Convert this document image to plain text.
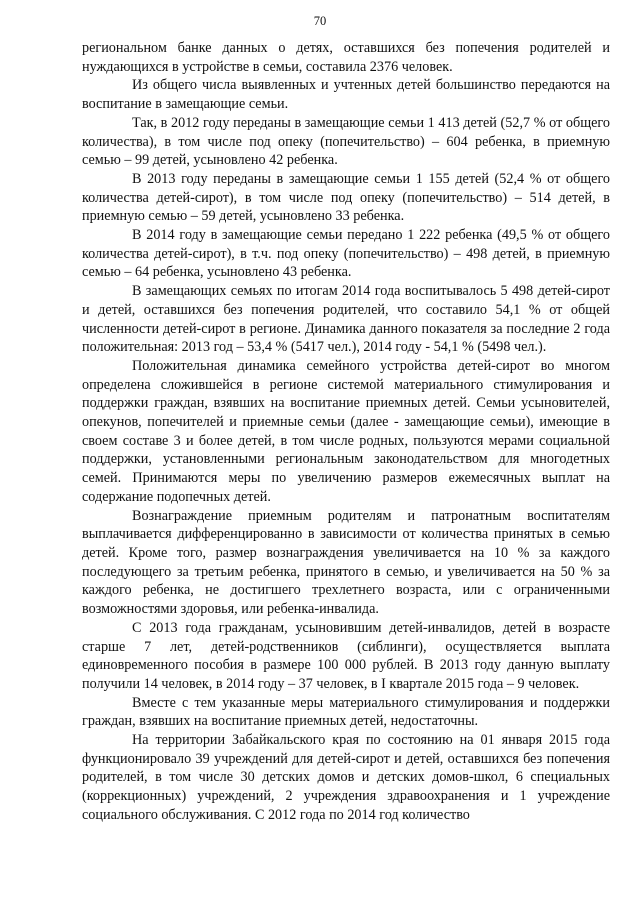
70

региональном банке данных о детях, оставшихся без попечения родителей и нуждающихся в устройстве в семьи, составила 2376 человек.

Из общего числа выявленных и учтенных детей большинство передаются на воспитание в замещающие семьи.

Так, в 2012 году переданы в замещающие семьи 1 413 детей (52,7 % от общего количества), в том числе под опеку (попечительство) – 604 ребенка, в приемную семью – 99 детей, усыновлено 42 ребенка.

В 2013 году переданы в замещающие семьи 1 155 детей (52,4 % от общего количества детей-сирот), в том числе под опеку (попечительство) – 514 детей, в приемную семью – 59 детей, усыновлено 33 ребенка.

В 2014 году в замещающие семьи передано 1 222 ребенка (49,5 % от общего количества детей-сирот), в т.ч. под опеку (попечительство) – 498 детей, в приемную семью – 64 ребенка, усыновлено 43 ребенка.

В замещающих семьях по итогам 2014 года воспитывалось 5 498 детей-сирот и детей, оставшихся без попечения родителей, что составило 54,1 % от общей численности детей-сирот в регионе. Динамика данного показателя за последние 2 года положительная: 2013 год – 53,4 % (5417 чел.), 2014 году - 54,1 % (5498 чел.).

Положительная динамика семейного устройства детей-сирот во многом определена сложившейся в регионе системой материального стимулирования и поддержки граждан, взявших на воспитание приемных детей. Семьи усыновителей, опекунов, попечителей и приемные семьи (далее - замещающие семьи), имеющие в своем составе 3 и более детей, в том числе родных, пользуются мерами социальной поддержки, установленными региональным законодательством для многодетных семей. Принимаются меры по увеличению размеров ежемесячных выплат на содержание подопечных детей.

Вознаграждение приемным родителям и патронатным воспитателям выплачивается дифференцированно в зависимости от количества принятых в семью детей. Кроме того, размер вознаграждения увеличивается на 10 % за каждого последующего за третьим ребенка, принятого в семью, и увеличивается на 50 % за каждого ребенка, не достигшего трехлетнего возраста, или с ограниченными возможностями здоровья, или ребенка-инвалида.

С 2013 года гражданам, усыновившим детей-инвалидов, детей в возрасте старше 7 лет, детей-родственников (сиблинги), осуществляется выплата единовременного пособия в размере 100 000 рублей. В 2013 году данную выплату получили 14 человек, в 2014 году – 37 человек, в I квартале 2015 года – 9 человек.

Вместе с тем указанные меры материального стимулирования и поддержки граждан, взявших на воспитание приемных детей, недостаточны.

На территории Забайкальского края по состоянию на 01 января 2015 года функционировало 39 учреждений для детей-сирот и детей, оставшихся без попечения родителей, в том числе 30 детских домов и детских домов-школ, 6 специальных (коррекционных) учреждений, 2 учреждения здравоохранения и 1 учреждение социального обслуживания. С 2012 года по 2014 год количество
